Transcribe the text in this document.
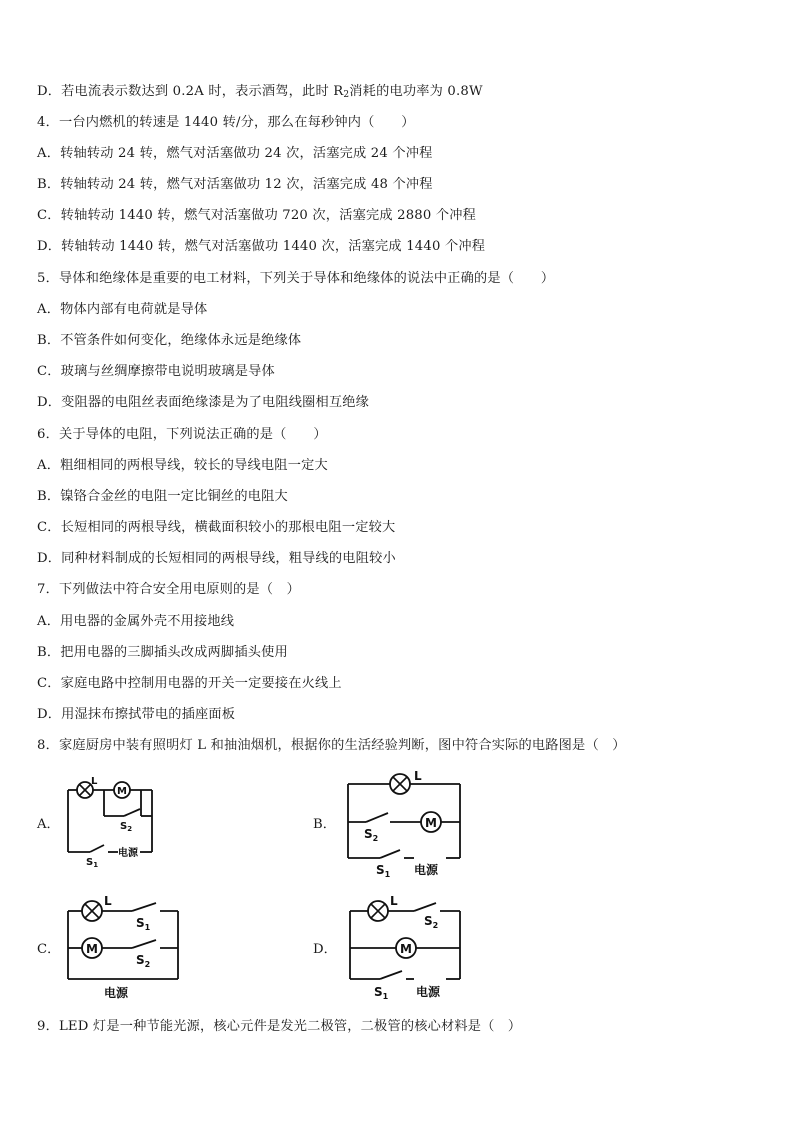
D．若电流表示数达到 0.2A 时，表示酒驾，此时 $R_2$消耗的电功率为 0.8W
4．一台内燃机的转速是 1440 转/分，那么在每秒钟内（　　）
A．转轴转动 24 转，燃气对活塞做功 24 次，活塞完成 24 个冲程
B．转轴转动 24 转，燃气对活塞做功 12 次，活塞完成 48 个冲程
C．转轴转动 1440 转，燃气对活塞做功 720 次，活塞完成 2880 个冲程
D．转轴转动 1440 转，燃气对活塞做功 1440 次，活塞完成 1440 个冲程
5．导体和绝缘体是重要的电工材料，下列关于导体和绝缘体的说法中正确的是（　　）
A．物体内部有电荷就是导体
B．不管条件如何变化，绝缘体永远是绝缘体
C．玻璃与丝绸摩擦带电说明玻璃是导体
D．变阻器的电阻丝表面绝缘漆是为了电阻线圈相互绝缘
6．关于导体的电阻，下列说法正确的是（　　）
A．粗细相同的两根导线，较长的导线电阻一定大
B．镍铬合金丝的电阻一定比铜丝的电阻大
C．长短相同的两根导线，横截面积较小的那根电阻一定较大
D．同种材料制成的长短相同的两根导线，粗导线的电阻较小
7．下列做法中符合安全用电原则的是（　）
A．用电器的金属外壳不用接地线
B．把用电器的三脚插头改成两脚插头使用
C．家庭电路中控制用电器的开关一定要接在火线上
D．用湿抹布擦拭带电的插座面板
8．家庭厨房中装有照明灯 L 和抽油烟机，根据你的生活经验判断，图中符合实际的电路图是（　）
A．	B．
C．	D．
M
L
$S_2$
$S_1$
电源
M
L
$S_2$
$S_1$ 电源
M
L
$S_1$
$S_2$
电源
M
L
$S_2$
$S_1$ 电源
9．LED 灯是一种节能光源，核心元件是发光二极管，二极管的核心材料是（　）
